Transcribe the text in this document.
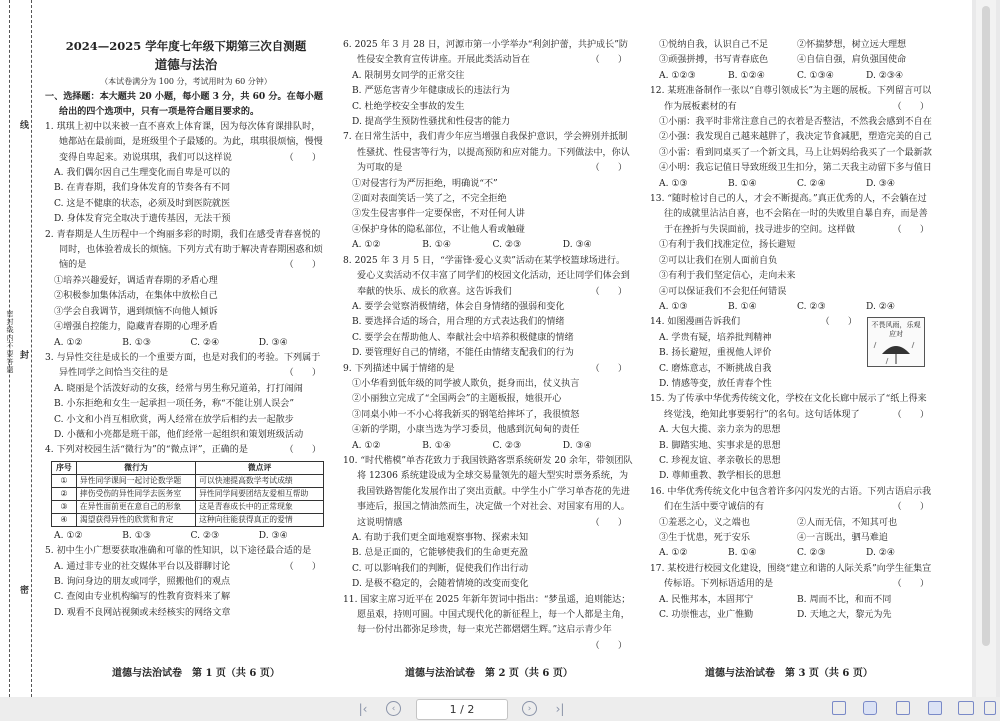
线
密封线内不要答题 封
密

2024—2025 学年度七年级下期第三次自测题

道德与法治

（本试卷满分为 100 分，考试用时为 60 分钟）

一、选择题：本大题共 20 小题，每小题 3 分，共 60 分。在每小题给出的四个选项中，只有一项是符合题目要求的。

1. 琪琪上初中以来被一直不喜欢上体育课，因为每次体育课排队时，她都站在最前面，是班级里个子最矮的。为此，琪琪很烦恼，慢慢变得自卑起来。劝说琪琪，我们可以这样说	（　　）

A. 我们偶尔因自己生理变化而自卑是可以的

B. 在青春期，我们身体发育的节奏各有不同

C. 这是不健康的状态，必须及时到医院就医

D. 身体发育完全取决于遗传基因，无法干预

2. 青春期是人生历程中一个绚丽多彩的时期，我们在感受青春喜悦的同时，也体验着成长的烦恼。下列方式有助于解决青春期困惑和烦恼的是	（　　）

①培养兴趣爱好，调适青春期的矛盾心理

②积极参加集体活动，在集体中放松自己

③学会自我调节，遇到烦恼不向他人倾诉

④增强自控能力，隐藏青春期的心理矛盾

A. ①②	B. ①③	C. ②④	D. ③④

3. 与异性交往是成长的一个重要方面，也是对我们的考验。下列属于异性同学之间恰当交往的是	（　　）

A. 晓丽是个活泼好动的女孩，经常与男生称兄道弟，打打闹闹

B. 小东拒绝和女生一起承担一项任务，称“不能让别人误会”

C. 小文和小肖互相欣赏，两人经常在放学后相约去一起散步

D. 小薇和小亮都是班干部，他们经常一起组织和策划班级活动

4. 下列对校园生活“微行为”的“微点评”，正确的是	（　　）

序号	微行为	微点评
①	异性同学课间一起讨论数学题	可以快速提高数学考试成绩
②	摔伤受伤的异性同学去医务室	异性同学间要团结友爱相互帮助
③	在异性面前更在意自己的形象	这是青春成长中的正常现象
④	渴望获得异性的欣赏和肯定	这种向往能获得真正的爱情
A. ①②	B. ①③	C. ②③	D. ③④

5. 初中生小广想要获取准确和可靠的性知识，以下途径最合适的是
（　　）

A. 通过非专业的社交媒体平台以及群聊讨论

B. 询问身边的朋友或同学，照搬他们的观点

C. 查阅由专业机构编写的性教育资料来了解

D. 观看不良网站视频或未经核实的网络文章

6. 2025 年 3 月 28 日，河源市第一小学举办“利剑护蕾，共护成长”防性侵安全教育宣传讲座。开展此类活动旨在	（　　）

A. 限制男女同学的正常交往

B. 严惩危害青少年健康成长的违法行为

C. 杜绝学校安全事故的发生

D. 提高学生预防性骚扰和性侵害的能力

7. 在日常生活中，我们青少年应当增强自我保护意识，学会辨别并抵制性骚扰、性侵害等行为，以提高预防和应对能力。下列做法中，你认为可取的是	（　　）

①对侵害行为严厉拒绝，明确说“不”

②面对表面笑话一笑了之，不完全拒绝

③发生侵害事件一定要保密，不对任何人讲

④保护身体的隐私部位，不让他人看或触碰

A. ①②	B. ①④	C. ②③	D. ③④

8. 2025 年 3 月 5 日，“学雷锋·爱心义卖”活动在某学校篮球场进行。爱心义卖活动不仅丰富了同学们的校园文化活动，还让同学们体会到奉献的快乐、成长的欣喜。这告诉我们	（　　）

A. 要学会觉察消极情绪，体会自身情绪的强弱和变化

B. 要选择合适的场合，用合理的方式表达我们的情绪

C. 要学会在帮助他人、奉献社会中培养积极健康的情绪

D. 要管理好自己的情绪，不能任由情绪支配我们的行为

9. 下列描述中属于情绪的是	（　　）

①小华看到低年级的同学被人欺负，挺身而出，仗义执言

②小丽独立完成了“全国两会”的主题板报，她很开心

③同桌小帅一不小心将我新买的钢笔给摔坏了，我很愤怒

④新的学期，小康当选为学习委员，他感到沉甸甸的责任

A. ①②	B. ①④	C. ②③	D. ③④

10. “时代楷模”单杏花致力于我国铁路客票系统研发 20 余年，带领团队将 12306 系统建设成为全球交易量领先的超大型实时票务系统，为我国铁路智能化发展作出了突出贡献。中学生小广学习单杏花的先进事迹后，报国之情油然而生，决定做一个对社会、对国家有用的人。这说明情感	（　　）

A. 有助于我们更全面地观察事物、探索未知

B. 总是正面的，它能够使我们的生命更充盈

C. 可以影响我们的判断，促使我们作出行动

D. 是极不稳定的，会随着情境的改变而变化

11. 国家主席习近平在 2025 年新年贺词中指出：“梦虽遥，追则能达；愿虽艰，持则可圆。中国式现代化的新征程上，每一个人都是主角，每一份付出都弥足珍贵，每一束光芒都熠熠生辉。”这启示青少年
（　　）

①悦纳自我，认识自己不足	②怀揣梦想，树立远大理想
③顽强拼搏，书写青春底色	④自信自强，肩负强国使命
A. ①②③	B. ①②④	C. ①③④	D. ②③④

12. 某班准备制作一张以“自尊引领成长”为主题的展板。下列留言可以作为展板素材的有	（　　）

①小丽：我平时非常注意自己的衣着是否整洁，不然我会感到不自在

②小强：我发现自己越来越胖了，我决定节食减肥，塑造完美的自己

③小雷：看到同桌买了一个新文具，马上让妈妈给我买了一个最新款

④小明：我忘记值日导致班级卫生扣分，第二天我主动留下多与值日

A. ①③	B. ①④	C. ②④	D. ③④

13. “随时检讨自己的人，才会不断提高。”真正优秀的人，不会躺在过往的成就里沾沾自喜，也不会陷在一时的失败里自暴自弃，而是善于在挫折与失误面前，找寻进步的空间。这样做	（　　）

①有利于我们找准定位，扬长避短

②可以让我们在别人面前自负

③有利于我们坚定信心，走向未来

④可以保证我们不会犯任何错误

A. ①③	B. ①④	C. ②③	D. ②④
不畏风雨，乐观应对

14. 如图漫画告诉我们	（　　）

A. 学贵有疑，培养批判精神

B. 扬长避短，重视他人评价

C. 磨炼意志，不断挑战自我

D. 情感等变，放任青春个性

15. 为了传承中华优秀传统文化，学校在文化长廊中展示了“纸上得来终觉浅，绝知此事要躬行”的名句。这句话体现了	（　　）

A. 大包大揽、亲力亲为的思想

B. 脚踏实地、实事求是的思想

C. 珍视友谊、孝亲敬长的思想

D. 尊师重教、教学相长的思想

16. 中华优秀传统文化中包含着许多闪闪发光的古语。下列古语启示我们在生活中要守诚信的有	（　　）

①羞恶之心，义之端也	②人而无信，不知其可也
③生于忧患，死于安乐	④一言既出，驷马难追
A. ①②	B. ①④	C. ②③	D. ②④

17. 某校进行校园文化建设，围绕“建立和谐的人际关系”向学生征集宣传标语。下列标语适用的是	（　　）

A. 民惟邦本，本固邦宁	B. 周而不比，和而不同
C. 功崇惟志，业广惟勤	D. 天地之大，黎元为先
道德与法治试卷　第 1 页（共 6 页）	道德与法治试卷　第 2 页（共 6 页）	道德与法治试卷　第 3 页（共 6 页）
|‹	‹	1 / 2	› ›|
